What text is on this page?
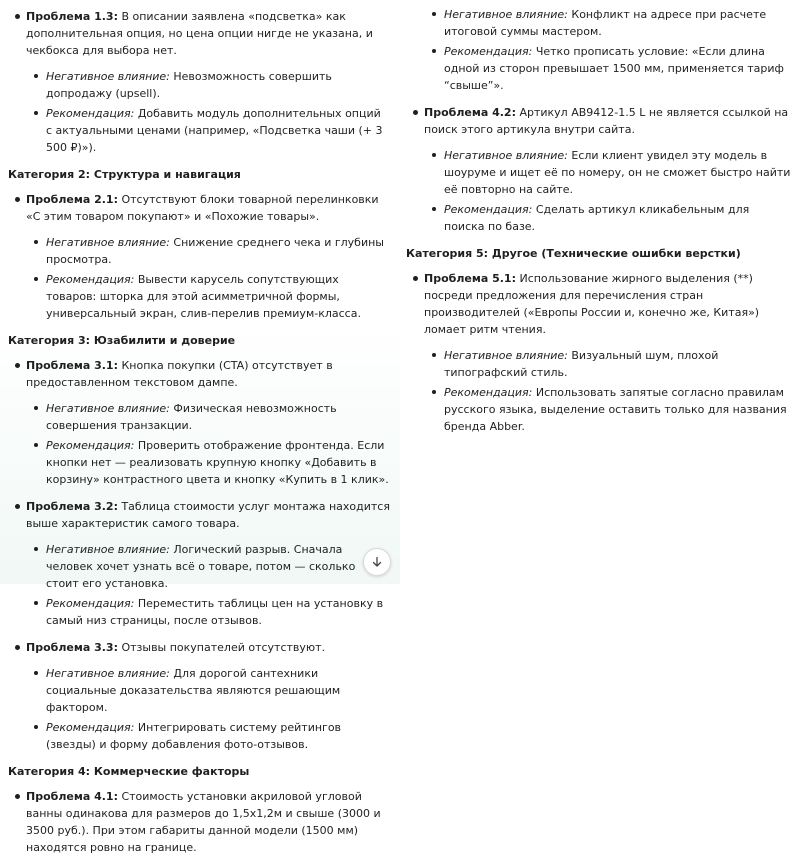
Проблема 1.3: В описании заявлена «подсветка» как дополнительная опция, но цена опции нигде не указана, и чекбокса для выбора нет.
Негативное влияние: Невозможность совершить допродажу (upsell).
Рекомендация: Добавить модуль дополнительных опций с актуальными ценами (например, «Подсветка чаши (+ 3 500 ₽)»).
Категория 2: Структура и навигация
Проблема 2.1: Отсутствуют блоки товарной перелинковки «С этим товаром покупают» и «Похожие товары».
Негативное влияние: Снижение среднего чека и глубины просмотра.
Рекомендация: Вывести карусель сопутствующих товаров: шторка для этой асимметричной формы, универсальный экран, слив-перелив премиум-класса.
Категория 3: Юзабилити и доверие
Проблема 3.1: Кнопка покупки (CTA) отсутствует в предоставленном текстовом дампе.
Негативное влияние: Физическая невозможность совершения транзакции.
Рекомендация: Проверить отображение фронтенда. Если кнопки нет — реализовать крупную кнопку «Добавить в корзину» контрастного цвета и кнопку «Купить в 1 клик».
Проблема 3.2: Таблица стоимости услуг монтажа находится выше характеристик самого товара.
Негативное влияние: Логический разрыв. Сначала человек хочет узнать всё о товаре, потом — сколько стоит его установка.
Рекомендация: Переместить таблицы цен на установку в самый низ страницы, после отзывов.
Проблема 3.3: Отзывы покупателей отсутствуют.
Негативное влияние: Для дорогой сантехники социальные доказательства являются решающим фактором.
Рекомендация: Интегрировать систему рейтингов (звезды) и форму добавления фото-отзывов.
Категория 4: Коммерческие факторы
Проблема 4.1: Стоимость установки акриловой угловой ванны одинакова для размеров до 1,5х1,2м и свыше (3000 и 3500 руб.). При этом габариты данной модели (1500 мм) находятся ровно на границе.
Негативное влияние: Конфликт на адресе при расчете итоговой суммы мастером.
Рекомендация: Четко прописать условие: «Если длина одной из сторон превышает 1500 мм, применяется тариф “свыше”».
Проблема 4.2: Артикул AB9412-1.5 L не является ссылкой на поиск этого артикула внутри сайта.
Негативное влияние: Если клиент увидел эту модель в шоуруме и ищет её по номеру, он не сможет быстро найти её повторно на сайте.
Рекомендация: Сделать артикул кликабельным для поиска по базе.
Категория 5: Другое (Технические ошибки верстки)
Проблема 5.1: Использование жирного выделения (**) посреди предложения для перечисления стран производителей («Европы России и, конечно же, Китая») ломает ритм чтения.
Негативное влияние: Визуальный шум, плохой типографский стиль.
Рекомендация: Использовать запятые согласно правилам русского языка, выделение оставить только для названия бренда Abber.
